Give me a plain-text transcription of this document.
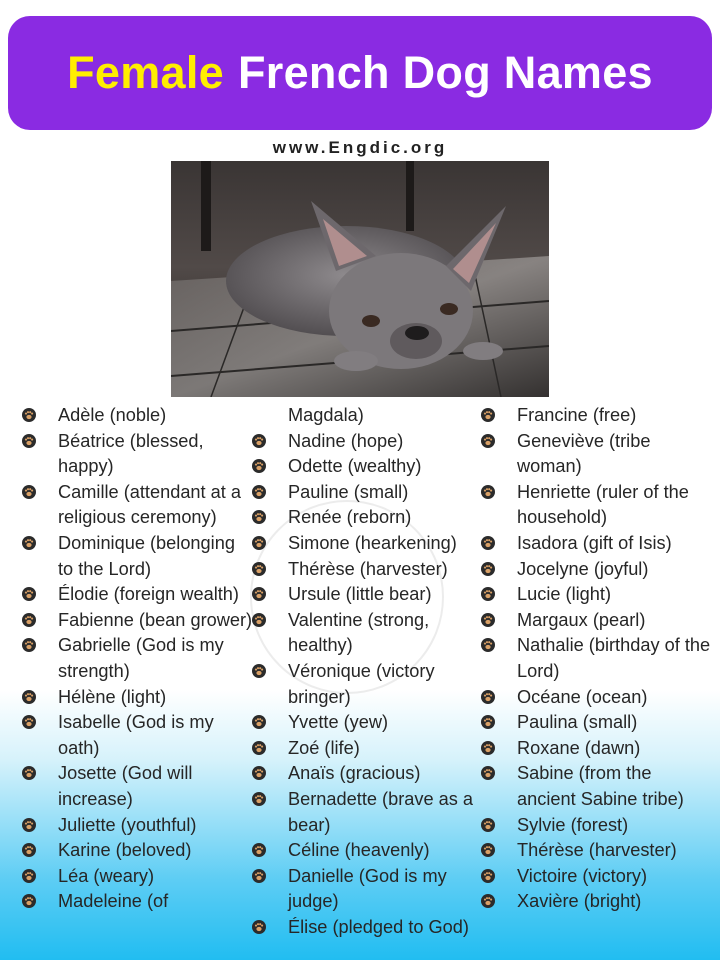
Female French Dog Names
www.Engdic.org
Adèle (noble)
Béatrice (blessed, happy)
Camille (attendant at a religious ceremony)
Dominique (belonging to the Lord)
Élodie (foreign wealth)
Fabienne (bean grower)
Gabrielle (God is my strength)
Hélène (light)
Isabelle (God is my oath)
Josette (God will increase)
Juliette (youthful)
Karine (beloved)
Léa (weary)
Madeleine (of
Magdala)
Nadine (hope)
Odette (wealthy)
Pauline (small)
Renée (reborn)
Simone (hearkening)
Thérèse (harvester)
Ursule (little bear)
Valentine (strong, healthy)
Véronique (victory bringer)
Yvette (yew)
Zoé (life)
Anaïs (gracious)
Bernadette (brave as a bear)
Céline (heavenly)
Danielle (God is my judge)
Élise (pledged to God)
Francine (free)
Geneviève (tribe woman)
Henriette (ruler of the household)
Isadora (gift of Isis)
Jocelyne (joyful)
Lucie (light)
Margaux (pearl)
Nathalie (birthday of the Lord)
Océane (ocean)
Paulina (small)
Roxane (dawn)
Sabine (from the ancient Sabine tribe)
Sylvie (forest)
Thérèse (harvester)
Victoire (victory)
Xavière (bright)
